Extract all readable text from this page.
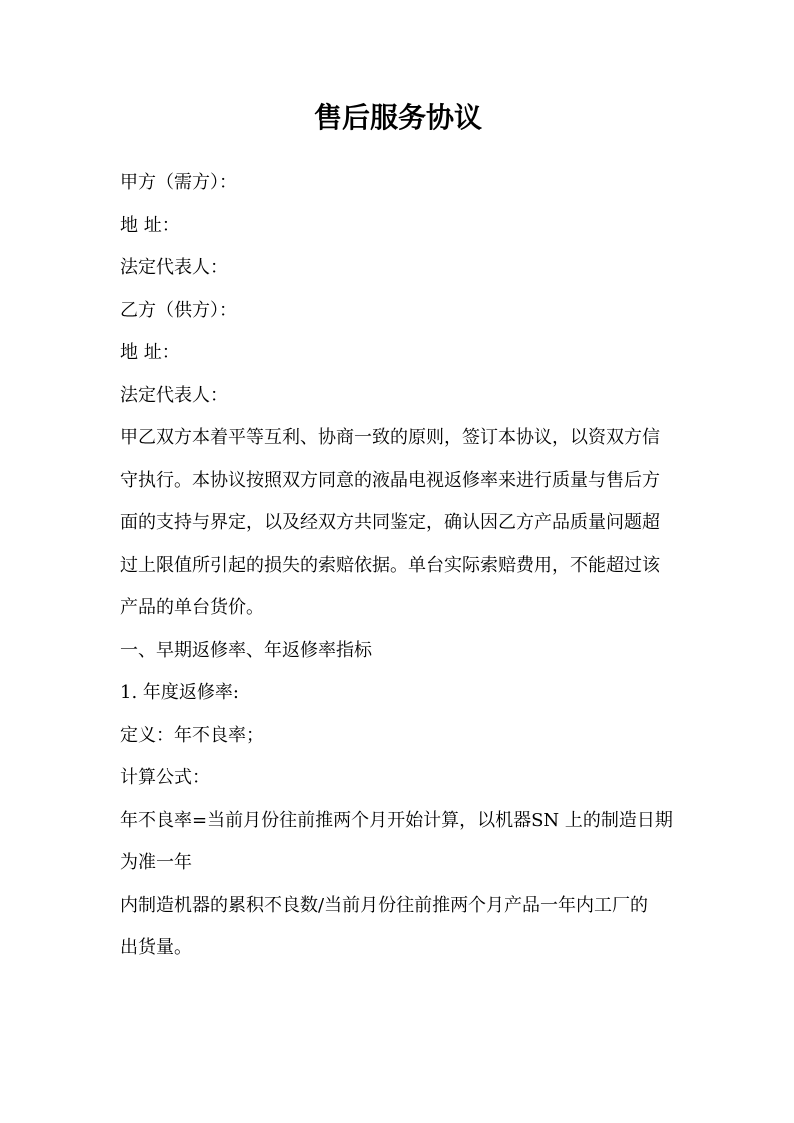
售后服务协议
甲方（需方）：
地 址：
法定代表人：
乙方（供方）：
地 址：
法定代表人：
甲乙双方本着平等互利、协商一致的原则，签订本协议，以资双方信
守执行。本协议按照双方同意的液晶电视返修率来进行质量与售后方
面的支持与界定，以及经双方共同鉴定，确认因乙方产品质量问题超
过上限值所引起的损失的索赔依据。单台实际索赔费用，不能超过该
产品的单台货价。
一、早期返修率、年返修率指标
1. 年度返修率:
定义：年不良率；
计算公式：
年不良率=当前月份往前推两个月开始计算，以机器SN 上的制造日期
为准一年
内制造机器的累积不良数/当前月份往前推两个月产品一年内工厂的
出货量。
